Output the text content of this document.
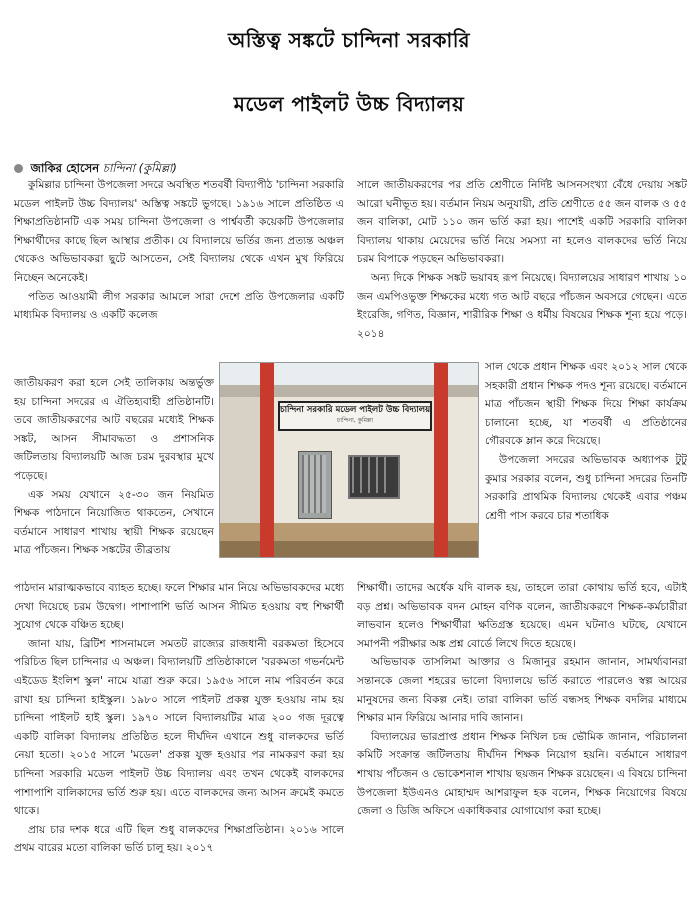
অস্তিত্ব সঙ্কটে চান্দিনা সরকারি
মডেল পাইলট উচ্চ বিদ্যালয়
জাকির হোসেন চান্দিনা (কুমিল্লা)

কুমিল্লার চান্দিনা উপজেলা সদরে অবস্থিত শতবর্ষী বিদ্যাপীঠ 'চান্দিনা সরকারি মডেল পাইলট উচ্চ বিদ্যালয়' অস্তিত্ব সঙ্কটে ভুগছে। ১৯১৬ সালে প্রতিষ্ঠিত এ শিক্ষাপ্রতিষ্ঠানটি এক সময় চান্দিনা উপজেলা ও পার্শ্ববর্তী কয়েকটি উপজেলার শিক্ষার্থীদের কাছে ছিল আস্থার প্রতীক। যে বিদ্যালয়ে ভর্তির জন্য প্রত্যন্ত অঞ্চল থেকেও অভিভাবকরা ছুটে আসতেন, সেই বিদ্যালয় থেকে এখন মুখ ফিরিয়ে নিচ্ছেন অনেকেই।

পতিত আওয়ামী লীগ সরকার আমলে সারা দেশে প্রতি উপজেলার একটি মাধ্যমিক বিদ্যালয় ও একটি কলেজ

জাতীয়করণ করা হলে সেই তালিকায় অন্তর্ভুক্ত হয় চান্দিনা সদরের এ ঐতিহ্যবাহী প্রতিষ্ঠানটি। তবে জাতীয়করণের আট বছরের মধ্যেই শিক্ষক সঙ্কট, আসন সীমাবদ্ধতা ও প্রশাসনিক জটিলতায় বিদ্যালয়টি আজ চরম দুরবস্থার মুখে পড়েছে।

এক সময় যেখানে ২৫-৩০ জন নিয়মিত শিক্ষক পাঠদানে নিয়োজিত থাকতেন, সেখানে বর্তমানে সাধারণ শাখায় স্থায়ী শিক্ষক রয়েছেন মাত্র পাঁচজন। শিক্ষক সঙ্কটের তীব্রতায়

চান্দিনা সরকারি মডেল পাইলট উচ্চ বিদ্যালয়
চান্দিনা, কুমিল্লা

সালে জাতীয়করণের পর প্রতি শ্রেণীতে নির্দিষ্ট আসনসংখ্যা বেঁধে দেয়ায় সঙ্কট আরো ঘনীভূত হয়। বর্তমান নিয়ম অনুযায়ী, প্রতি শ্রেণীতে ৫৫ জন বালক ও ৫৫ জন বালিকা, মোট ১১০ জন ভর্তি করা হয়। পাশেই একটি সরকারি বালিকা বিদ্যালয় থাকায় মেয়েদের ভর্তি নিয়ে সমস্যা না হলেও বালকদের ভর্তি নিয়ে চরম বিপাকে পড়ছেন অভিভাবকরা।

অন্য দিকে শিক্ষক সঙ্কট ভয়াবহ রূপ নিয়েছে। বিদ্যালয়ের সাধারণ শাখায় ১০ জন এমপিওভুক্ত শিক্ষকের মধ্যে গত আট বছরে পাঁচজন অবসরে গেছেন। এতে ইংরেজি, গণিত, বিজ্ঞান, শারীরিক শিক্ষা ও ধর্মীয় বিষয়ের শিক্ষক শূন্য হয়ে পড়ে। ২০১৪

সাল থেকে প্রধান শিক্ষক এবং ২০১২ সাল থেকে সহকারী প্রধান শিক্ষক পদও শূন্য রয়েছে। বর্তমানে মাত্র পাঁচজন স্থায়ী শিক্ষক দিয়ে শিক্ষা কার্যক্রম চালানো হচ্ছে, যা শতবর্ষী এ প্রতিষ্ঠানের গৌরবকে ম্লান করে দিয়েছে।

উপজেলা সদরের অভিভাবক অধ্যাপক টুটু কুমার সরকার বলেন, শুধু চান্দিনা সদরের তিনটি সরকারি প্রাথমিক বিদ্যালয় থেকেই এবার পঞ্চম শ্রেণী পাস করবে চার শতাধিক

পাঠদান মারাত্মকভাবে ব্যাহত হচ্ছে। ফলে শিক্ষার মান নিয়ে অভিভাবকদের মধ্যে দেখা দিয়েছে চরম উদ্বেগ। পাশাপাশি ভর্তি আসন সীমিত হওয়ায় বহু শিক্ষার্থী সুযোগ থেকে বঞ্চিত হচ্ছে।

জানা যায়, ব্রিটিশ শাসনামলে সমতট রাজ্যের রাজধানী বরকমতা হিসেবে পরিচিত ছিল চান্দিনার এ অঞ্চল। বিদ্যালয়টি প্রতিষ্ঠাকালে 'বরকমতা গভর্নমেন্ট এইডেড ইংলিশ স্কুল' নামে যাত্রা শুরু করে। ১৯৫৬ সালে নাম পরিবর্তন করে রাখা হয় চান্দিনা হাইস্কুল। ১৯৮০ সালে পাইলট প্রকল্প যুক্ত হওয়ায় নাম হয় চান্দিনা পাইলট হাই স্কুল। ১৯৭০ সালে বিদ্যালয়টির মাত্র ২০০ গজ দূরত্বে একটি বালিকা বিদ্যালয় প্রতিষ্ঠিত হলে দীর্ঘদিন এখানে শুধু বালকদের ভর্তি নেয়া হতো। ২০১৫ সালে 'মডেল' প্রকল্প যুক্ত হওয়ার পর নামকরণ করা হয় চান্দিনা সরকারি মডেল পাইলট উচ্চ বিদ্যালয় এবং তখন থেকেই বালকদের পাশাপাশি বালিকাদের ভর্তি শুরু হয়। এতে বালকদের জন্য আসন ক্রমেই কমতে থাকে।

প্রায় চার দশক ধরে এটি ছিল শুধু বালকদের শিক্ষাপ্রতিষ্ঠান। ২০১৬ সালে প্রথম বারের মতো বালিকা ভর্তি চালু হয়। ২০১৭

শিক্ষার্থী। তাদের অর্ধেক যদি বালক হয়, তাহলে তারা কোথায় ভর্তি হবে, এটাই বড় প্রশ্ন। অভিভাবক বদন মোহন বণিক বলেন, জাতীয়করণে শিক্ষক-কর্মচারীরা লাভবান হলেও শিক্ষার্থীরা ক্ষতিগ্রস্ত হয়েছে। এমন ঘটনাও ঘটছে, যেখানে সমাপনী পরীক্ষার অঙ্ক প্রশ্ন বোর্ডে লিখে দিতে হয়েছে।

অভিভাবক তাসলিমা আক্তার ও মিজানুর রহমান জানান, সামর্থ্যবানরা সন্তানকে জেলা শহরের ভালো বিদ্যালয়ে ভর্তি করাতে পারলেও স্বল্প আয়ের মানুষদের জন্য বিকল্প নেই। তারা বালিকা ভর্তি বন্ধসহ শিক্ষক বদলির মাধ্যমে শিক্ষার মান ফিরিয়ে আনার দাবি জানান।

বিদ্যালয়ের ভারপ্রাপ্ত প্রধান শিক্ষক নিখিল চন্দ্র ভৌমিক জানান, পরিচালনা কমিটি সংক্রান্ত জটিলতায় দীর্ঘদিন শিক্ষক নিয়োগ হয়নি। বর্তমানে সাধারণ শাখায় পাঁচজন ও ভোকেশনাল শাখায় ছয়জন শিক্ষক রয়েছেন। এ বিষয়ে চান্দিনা উপজেলা ইউএনও মোহাম্মদ আশরাফুল হক বলেন, শিক্ষক নিয়োগের বিষয়ে জেলা ও ডিজি অফিসে একাধিকবার যোগাযোগ করা হচ্ছে।
